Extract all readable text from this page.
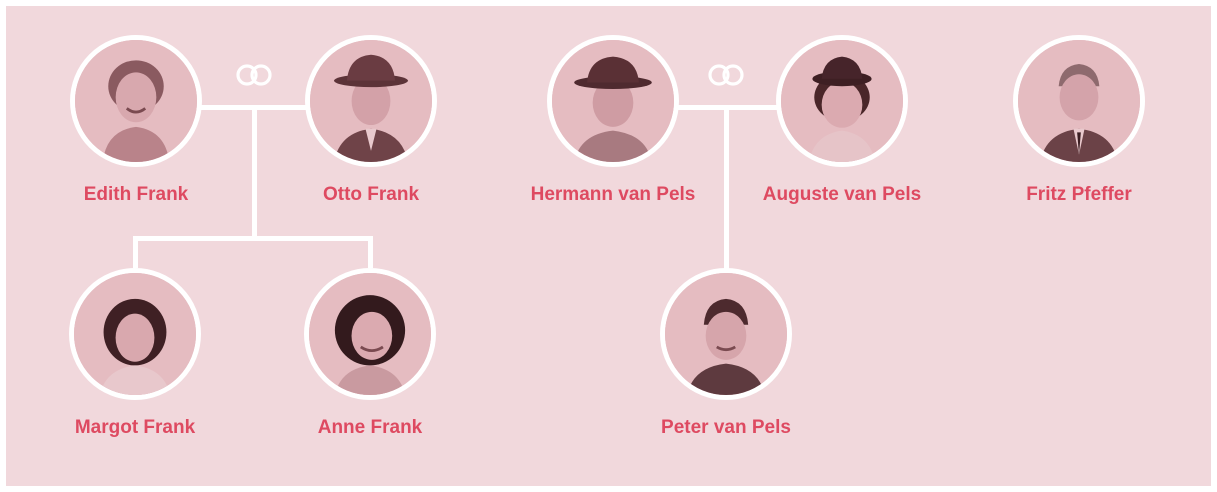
Edith Frank	Otto Frank	Hermann van Pels	Auguste van Pels	Fritz Pfeffer
Margot Frank	Anne Frank	Peter van Pels
